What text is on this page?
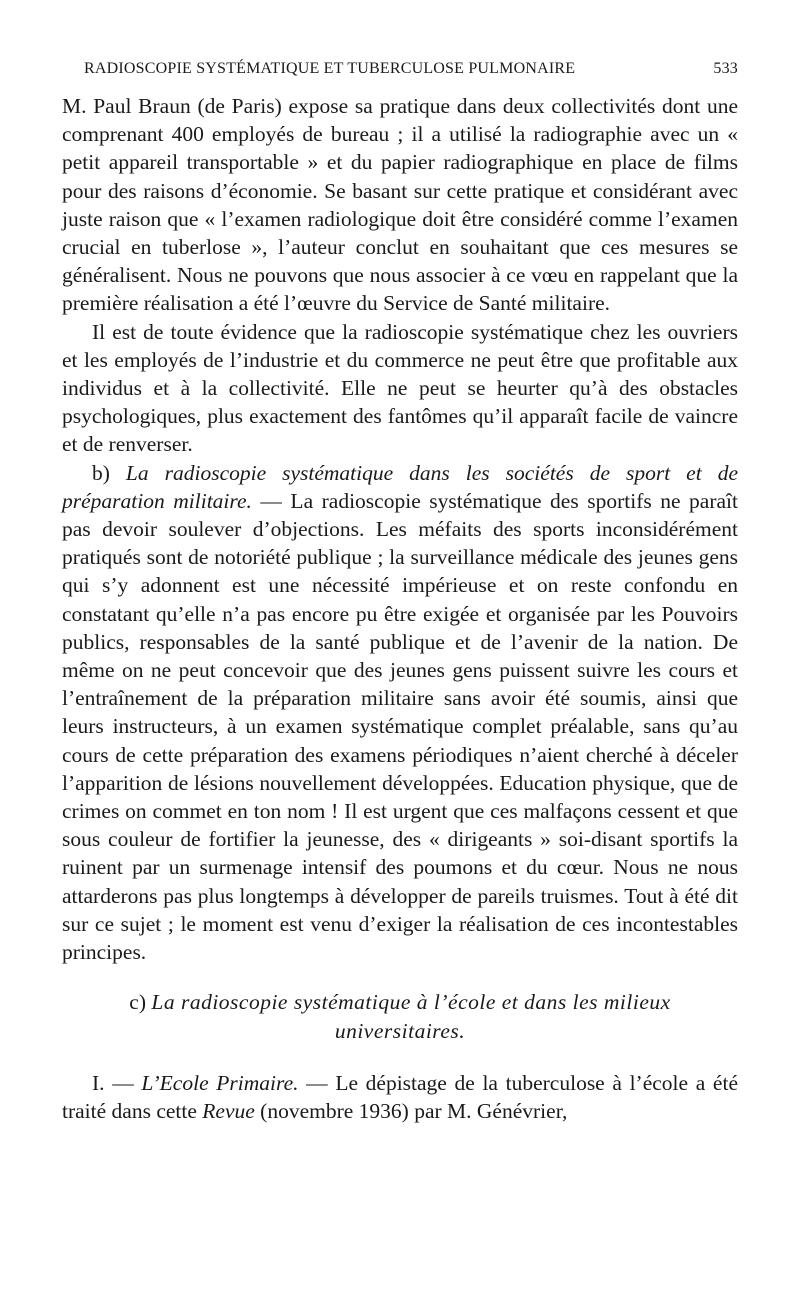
RADIOSCOPIE SYSTÉMATIQUE ET TUBERCULOSE PULMONAIRE	533

M. Paul Braun (de Paris) expose sa pratique dans deux collectivités dont une comprenant 400 employés de bureau ; il a utilisé la radiographie avec un « petit appareil transportable » et du papier radiographique en place de films pour des raisons d’économie. Se basant sur cette pratique et considérant avec juste raison que « l’examen radiologique doit être considéré comme l’examen crucial en tuberlose », l’auteur conclut en souhaitant que ces mesures se généralisent. Nous ne pouvons que nous associer à ce vœu en rappelant que la première réalisation a été l’œuvre du Service de Santé militaire.

Il est de toute évidence que la radioscopie systématique chez les ouvriers et les employés de l’industrie et du commerce ne peut être que profitable aux individus et à la collectivité. Elle ne peut se heurter qu’à des obstacles psychologiques, plus exactement des fantômes qu’il apparaît facile de vaincre et de renverser.

b) La radioscopie systématique dans les sociétés de sport et de préparation militaire. — La radioscopie systématique des sportifs ne paraît pas devoir soulever d’objections. Les méfaits des sports inconsidérément pratiqués sont de notoriété publique ; la surveillance médicale des jeunes gens qui s’y adonnent est une nécessité impérieuse et on reste confondu en constatant qu’elle n’a pas encore pu être exigée et organisée par les Pouvoirs publics, responsables de la santé publique et de l’avenir de la nation. De même on ne peut concevoir que des jeunes gens puissent suivre les cours et l’entraînement de la préparation militaire sans avoir été soumis, ainsi que leurs instructeurs, à un examen systématique complet préalable, sans qu’au cours de cette préparation des examens périodiques n’aient cherché à déceler l’apparition de lésions nouvellement développées. Education physique, que de crimes on commet en ton nom ! Il est urgent que ces malfaçons cessent et que sous couleur de fortifier la jeunesse, des « dirigeants » soi-disant sportifs la ruinent par un surmenage intensif des poumons et du cœur. Nous ne nous attarderons pas plus longtemps à développer de pareils truismes. Tout à été dit sur ce sujet ; le moment est venu d’exiger la réalisation de ces incontestables principes.

c) La radioscopie systématique à l’école et dans les milieux universitaires.

I. — L’Ecole Primaire. — Le dépistage de la tuberculose à l’école a été traité dans cette Revue (novembre 1936) par M. Génévrier,
